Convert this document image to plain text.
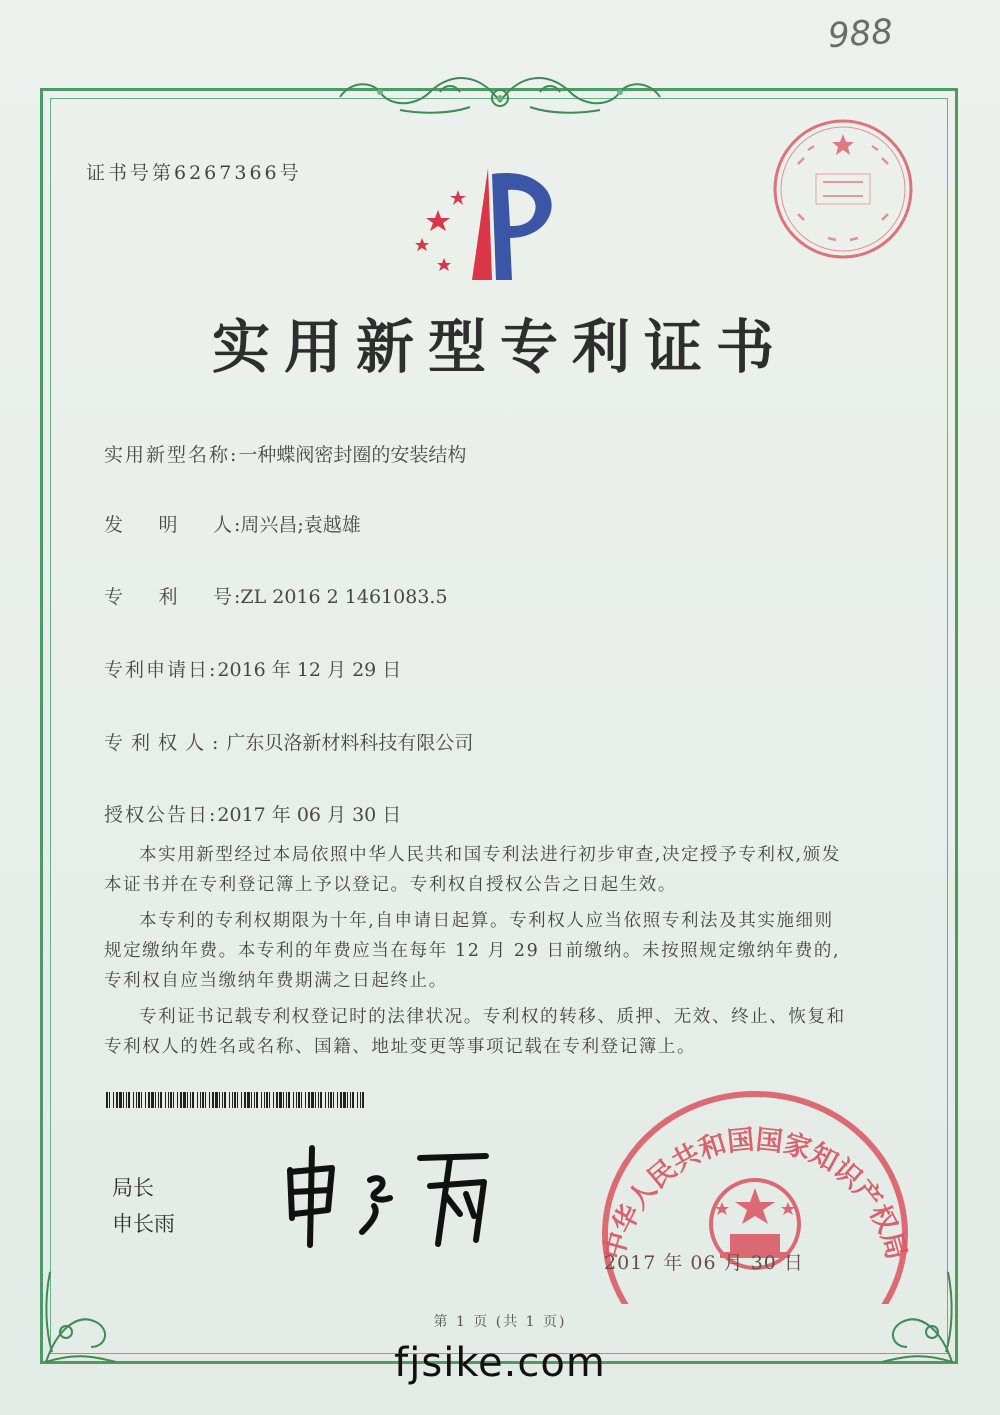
988
证书号第6267366号
实用新型专利证书
实用新型名称:一种蝶阀密封圈的安装结构
发 明 人 :周兴昌;袁越雄
专 利 号 :ZL 2016 2 1461083.5
专利申请日:2016 年 12 月 29 日
专利权人:广东贝洛新材料科技有限公司
授权公告日:2017 年 06 月 30 日

本实用新型经过本局依照中华人民共和国专利法进行初步审查,决定授予专利权,颁发本证书并在专利登记簿上予以登记。专利权自授权公告之日起生效。

本专利的专利权期限为十年,自申请日起算。专利权人应当依照专利法及其实施细则规定缴纳年费。本专利的年费应当在每年 12 月 29 日前缴纳。未按照规定缴纳年费的,专利权自应当缴纳年费期满之日起终止。

专利证书记载专利权登记时的法律状况。专利权的转移、质押、无效、终止、恢复和专利权人的姓名或名称、国籍、地址变更等事项记载在专利登记簿上。

局长
申长雨
中华人民共和国国家知识产权局
2017 年 06 月 30 日
第 1 页 (共 1 页)
fjsike.com
